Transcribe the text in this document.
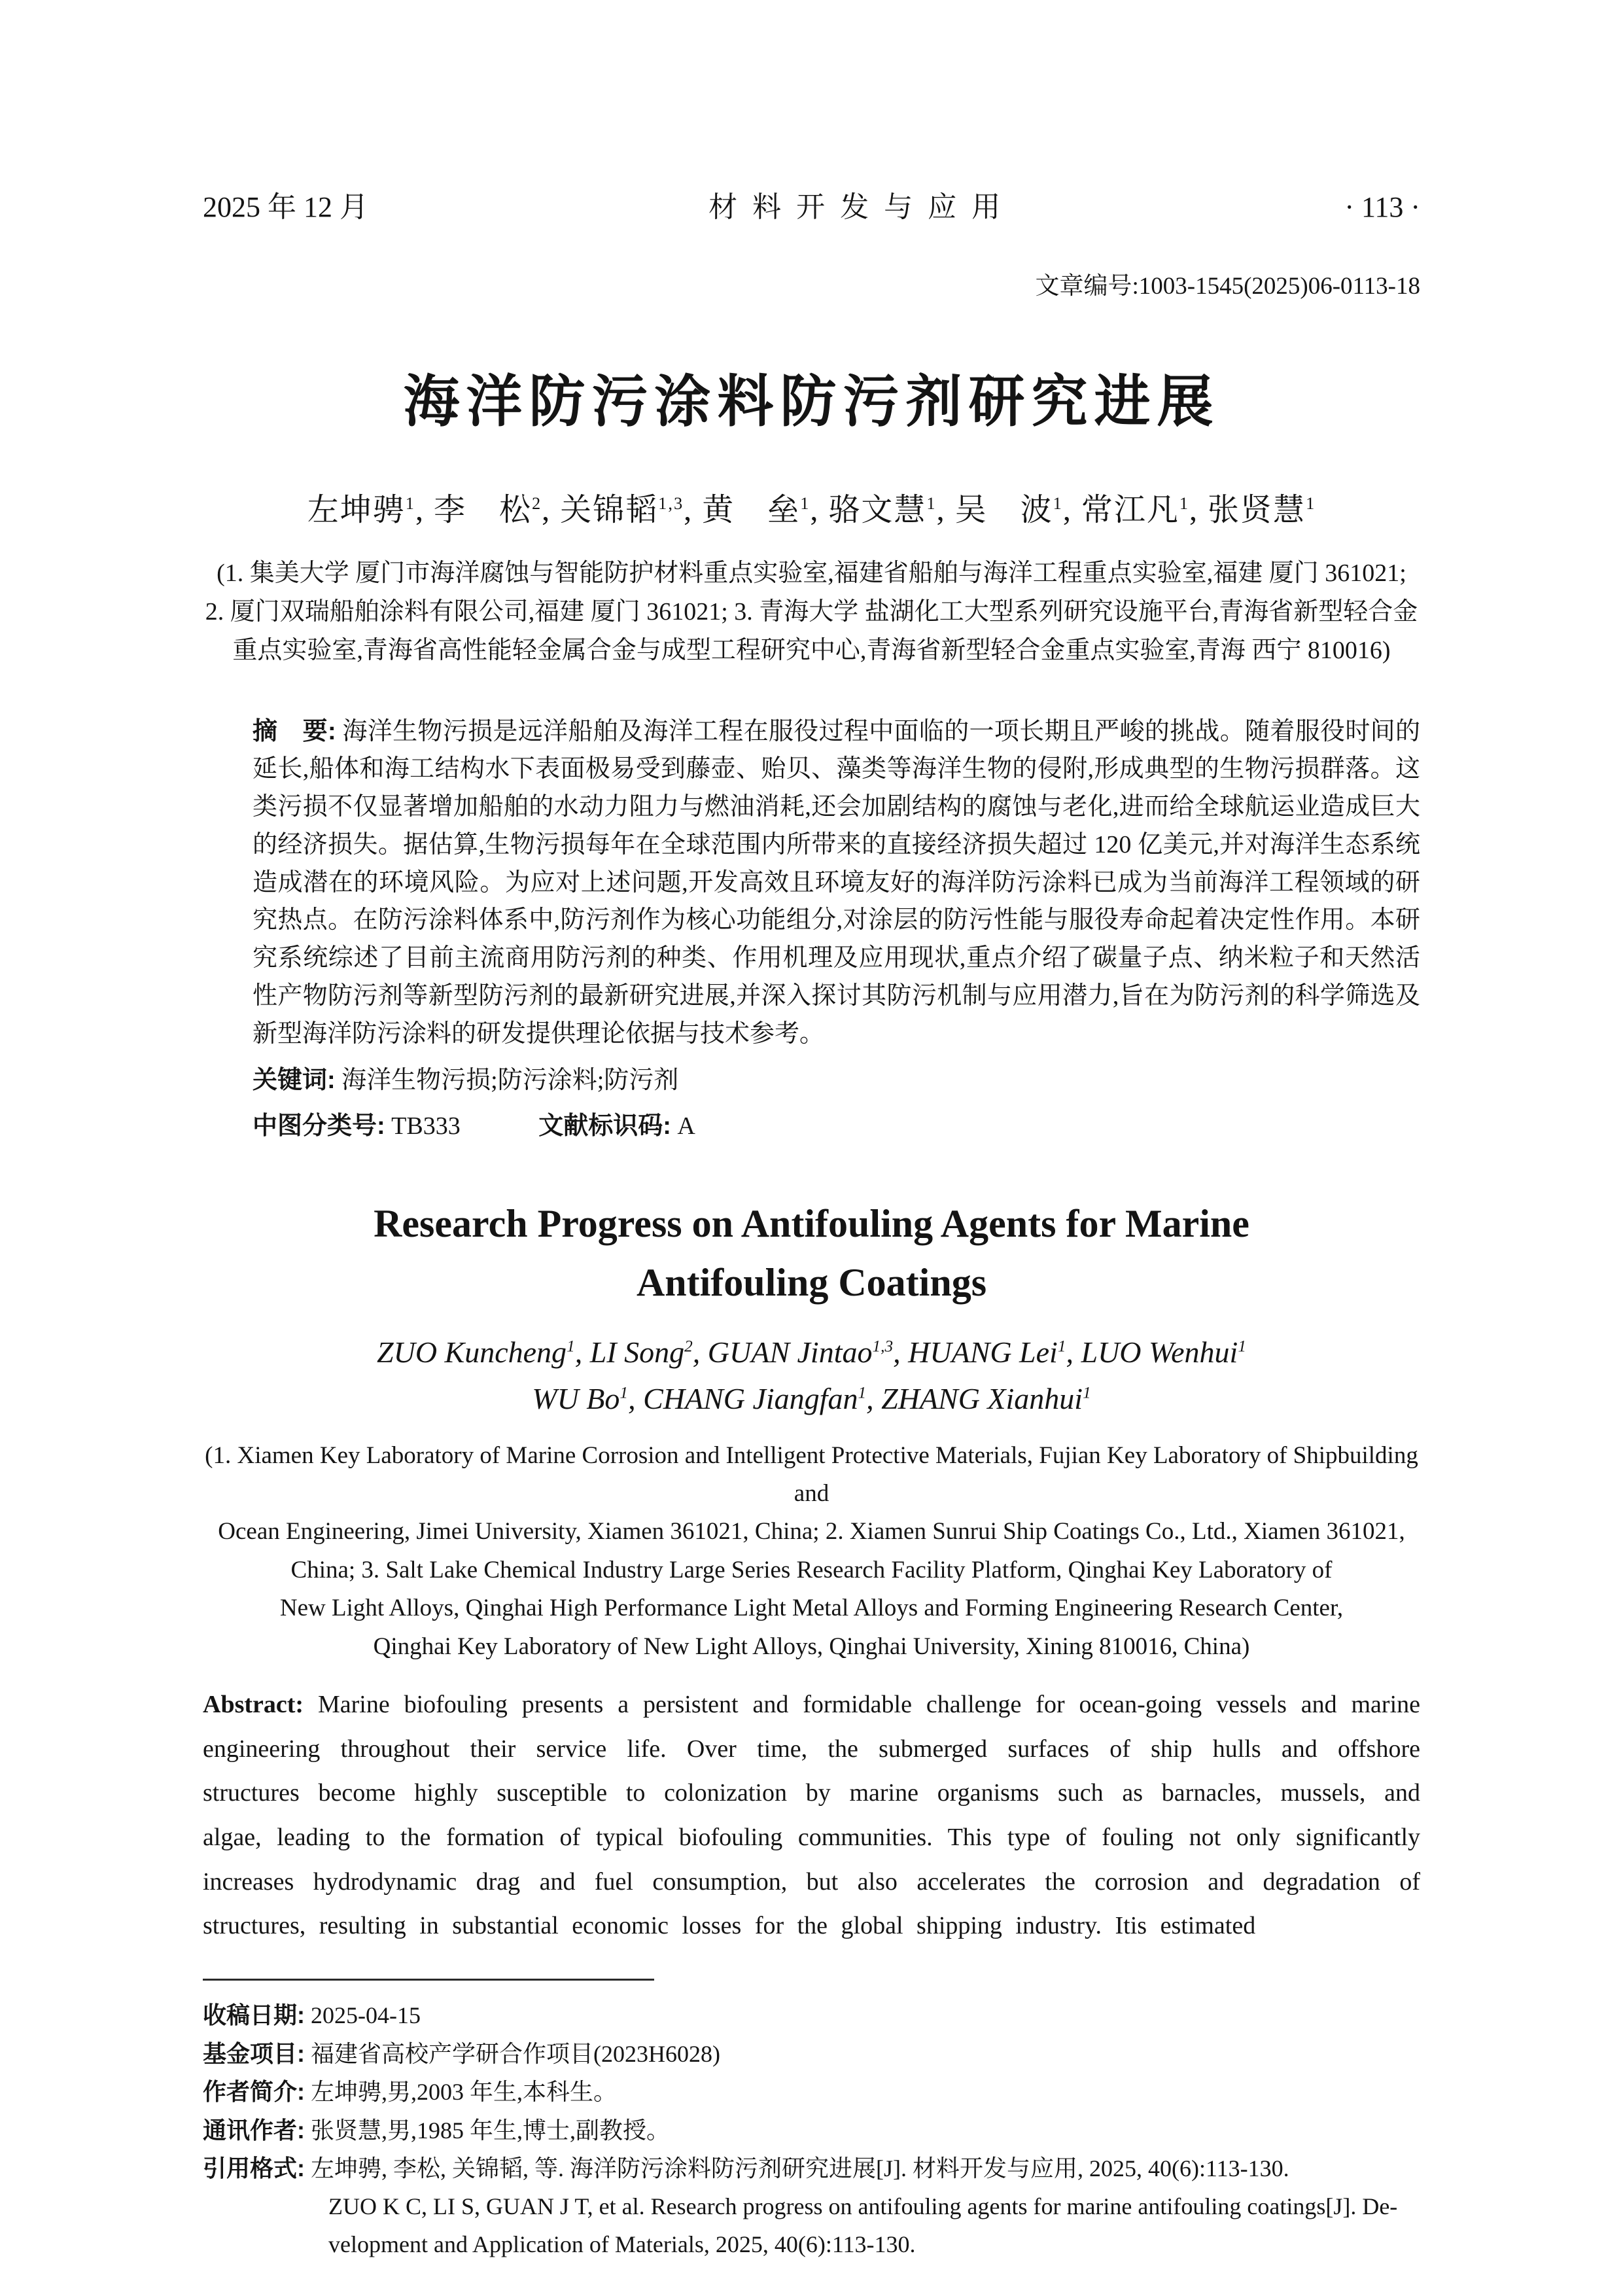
2025 年 12 月	材 料 开 发 与 应 用	· 113 ·
文章编号:1003-1545(2025)06-0113-18
海洋防污涂料防污剂研究进展
左坤骋$^1$, 李　松$^2$, 关锦韬$^{1,3}$, 黄　垒$^1$, 骆文慧$^1$, 吴　波$^1$, 常江凡$^1$, 张贤慧$^1$
(1. 集美大学 厦门市海洋腐蚀与智能防护材料重点实验室,福建省船舶与海洋工程重点实验室,福建 厦门 361021;
2. 厦门双瑞船舶涂料有限公司,福建 厦门 361021; 3. 青海大学 盐湖化工大型系列研究设施平台,青海省新型轻合金
重点实验室,青海省高性能轻金属合金与成型工程研究中心,青海省新型轻合金重点实验室,青海 西宁 810016)
摘　要: 海洋生物污损是远洋船舶及海洋工程在服役过程中面临的一项长期且严峻的挑战。随着服役时间的延长,船体和海工结构水下表面极易受到藤壶、贻贝、藻类等海洋生物的侵附,形成典型的生物污损群落。这类污损不仅显著增加船舶的水动力阻力与燃油消耗,还会加剧结构的腐蚀与老化,进而给全球航运业造成巨大的经济损失。据估算,生物污损每年在全球范围内所带来的直接经济损失超过 120 亿美元,并对海洋生态系统造成潜在的环境风险。为应对上述问题,开发高效且环境友好的海洋防污涂料已成为当前海洋工程领域的研究热点。在防污涂料体系中,防污剂作为核心功能组分,对涂层的防污性能与服役寿命起着决定性作用。本研究系统综述了目前主流商用防污剂的种类、作用机理及应用现状,重点介绍了碳量子点、纳米粒子和天然活性产物防污剂等新型防污剂的最新研究进展,并深入探讨其防污机制与应用潜力,旨在为防污剂的科学筛选及新型海洋防污涂料的研发提供理论依据与技术参考。
关键词: 海洋生物污损;防污涂料;防污剂
中图分类号: TB333	文献标识码: A
Research Progress on Antifouling Agents for Marine
Antifouling Coatings
ZUO Kuncheng$^1$, LI Song$^2$, GUAN Jintao$^{1,3}$, HUANG Lei$^1$, LUO Wenhui$^1$
WU Bo$^1$, CHANG Jiangfan$^1$, ZHANG Xianhui$^1$
(1. Xiamen Key Laboratory of Marine Corrosion and Intelligent Protective Materials, Fujian Key Laboratory of Shipbuilding and
Ocean Engineering, Jimei University, Xiamen 361021, China; 2. Xiamen Sunrui Ship Coatings Co., Ltd., Xiamen 361021,
China; 3. Salt Lake Chemical Industry Large Series Research Facility Platform, Qinghai Key Laboratory of
New Light Alloys, Qinghai High Performance Light Metal Alloys and Forming Engineering Research Center,
Qinghai Key Laboratory of New Light Alloys, Qinghai University, Xining 810016, China)
Abstract: Marine biofouling presents a persistent and formidable challenge for ocean-going vessels and marine engineering throughout their service life. Over time, the submerged surfaces of ship hulls and offshore structures become highly susceptible to colonization by marine organisms such as barnacles, mussels, and algae, leading to the formation of typical biofouling communities. This type of fouling not only significantly increases hydrodynamic drag and fuel consumption, but also accelerates the corrosion and degradation of structures, resulting in substantial economic losses for the global shipping industry. Itis estimated
收稿日期: 2025-04-15
基金项目: 福建省高校产学研合作项目(2023H6028)
作者简介: 左坤骋,男,2003 年生,本科生。
通讯作者: 张贤慧,男,1985 年生,博士,副教授。
引用格式: 左坤骋, 李松, 关锦韬, 等. 海洋防污涂料防污剂研究进展[J]. 材料开发与应用, 2025, 40(6):113-130.
ZUO K C, LI S, GUAN J T, et al. Research progress on antifouling agents for marine antifouling coatings[J]. De-
velopment and Application of Materials, 2025, 40(6):113-130.
